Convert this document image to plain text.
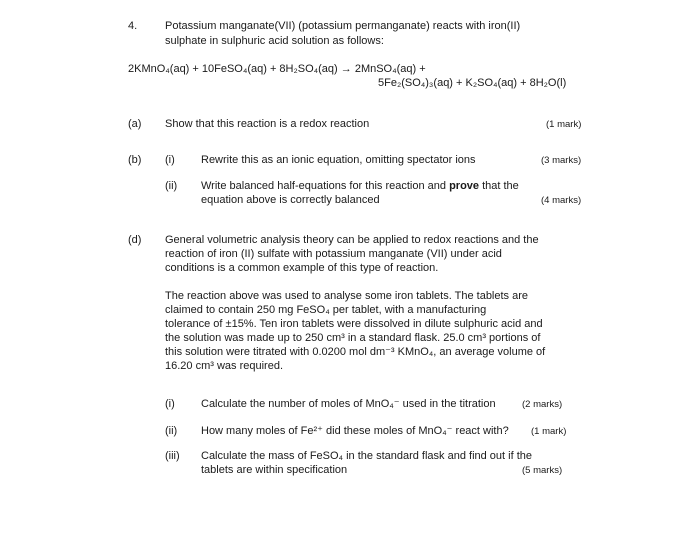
4.	Potassium manganate(VII) (potassium permanganate) reacts with iron(II)
sulphate in sulphuric acid solution as follows:
2KMnO₄(aq) + 10FeSO₄(aq) + 8H₂SO₄(aq) → 2MnSO₄(aq) +
5Fe₂(SO₄)₃(aq) + K₂SO₄(aq) + 8H₂O(l)
(a) Show that this reaction is a redox reaction	(1 mark)
(b) (i) Rewrite this as an ionic equation, omitting spectator ions	(3 marks)
(ii) Write balanced half-equations for this reaction and prove that the
equation above is correctly balanced	(4 marks)
(d) General volumetric analysis theory can be applied to redox reactions and the
reaction of iron (II) sulfate with potassium manganate (VII) under acid
conditions is a common example of this type of reaction.
The reaction above was used to analyse some iron tablets. The tablets are
claimed to contain 250 mg FeSO₄ per tablet, with a manufacturing
tolerance of ±15%. Ten iron tablets were dissolved in dilute sulphuric acid and
the solution was made up to 250 cm³ in a standard flask. 25.0 cm³ portions of
this solution were titrated with 0.0200 mol dm⁻³ KMnO₄, an average volume of
16.20 cm³ was required.
(i) Calculate the number of moles of MnO₄⁻ used in the titration	(2 marks)
(ii) How many moles of Fe²⁺ did these moles of MnO₄⁻ react with? (1 mark)
(iii) Calculate the mass of FeSO₄ in the standard flask and find out if the
tablets are within specification	(5 marks)
